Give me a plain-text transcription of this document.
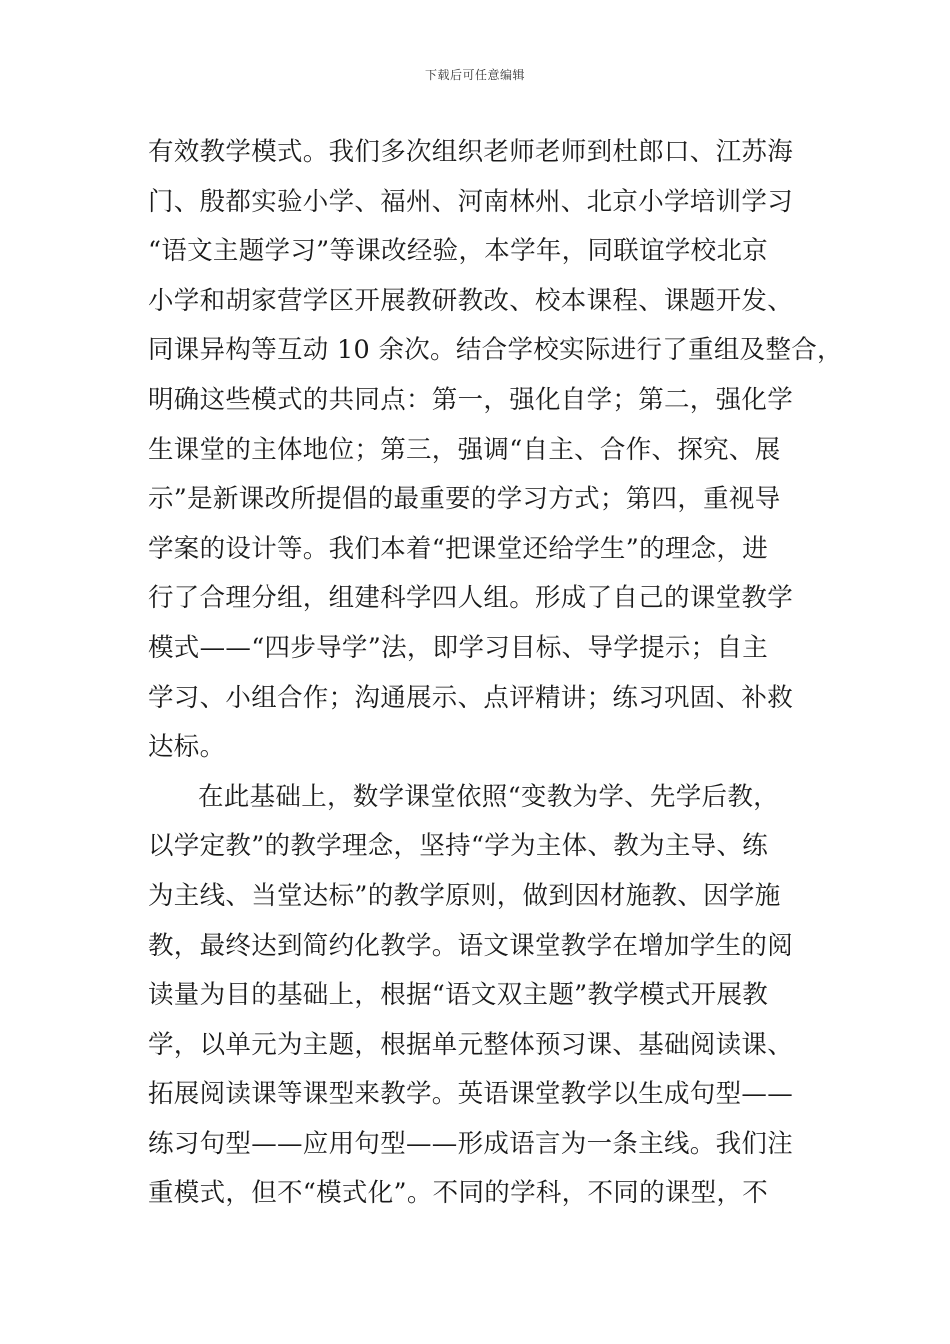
下载后可任意编辑
有效教学模式。我们多次组织老师老师到杜郎口、江苏海
门、殷都实验小学、福州、河南林州、北京小学培训学习
“语文主题学习”等课改经验，本学年，同联谊学校北京
小学和胡家营学区开展教研教改、校本课程、课题开发、
同课异构等互动 10 余次。结合学校实际进行了重组及整合，
明确这些模式的共同点：第一，强化自学；第二，强化学
生课堂的主体地位；第三，强调“自主、合作、探究、展
示”是新课改所提倡的最重要的学习方式；第四，重视导
学案的设计等。我们本着“把课堂还给学生”的理念，进
行了合理分组，组建科学四人组。形成了自己的课堂教学
模式——“四步导学”法，即学习目标、导学提示；自主
学习、小组合作；沟通展示、点评精讲；练习巩固、补救
达标。
在此基础上，数学课堂依照“变教为学、先学后教，
以学定教”的教学理念，坚持“学为主体、教为主导、练
为主线、当堂达标”的教学原则，做到因材施教、因学施
教，最终达到简约化教学。语文课堂教学在增加学生的阅
读量为目的基础上，根据“语文双主题”教学模式开展教
学，以单元为主题，根据单元整体预习课、基础阅读课、
拓展阅读课等课型来教学。英语课堂教学以生成句型——
练习句型——应用句型——形成语言为一条主线。我们注
重模式，但不“模式化”。不同的学科，不同的课型，不
